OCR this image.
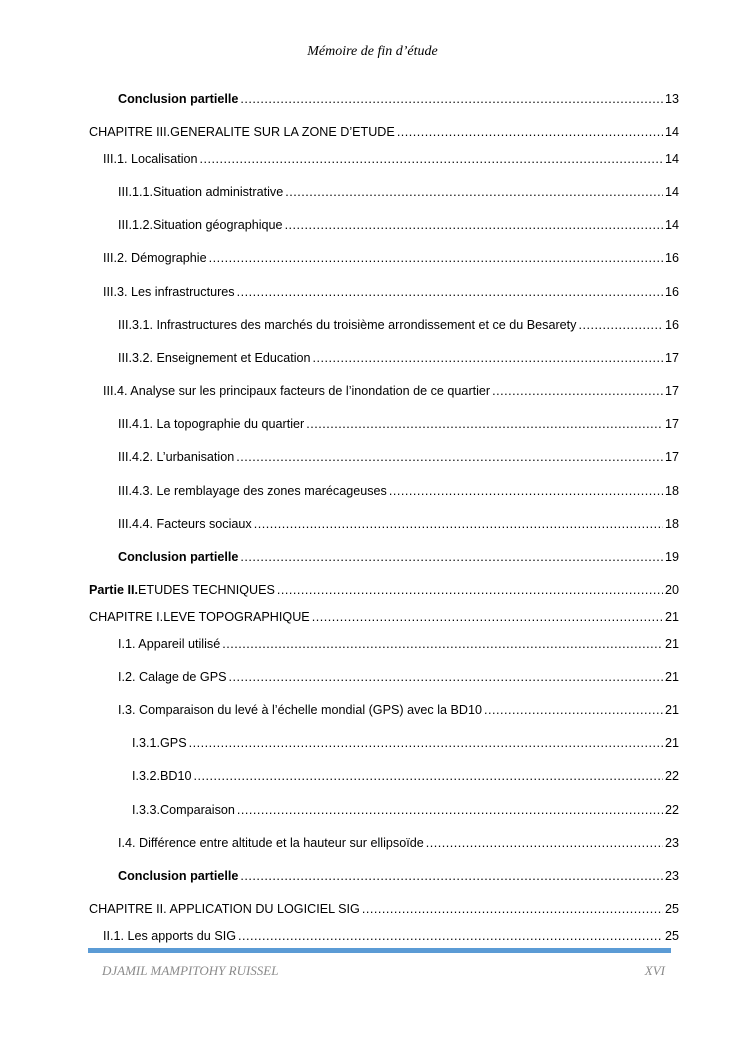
Mémoire de fin d’étude
Conclusion partielle .....	13
CHAPITRE III. GENERALITE SUR LA ZONE D’ETUDE .....	14
III.1. Localisation .....	14
III.1.1. Situation administrative .....	14
III.1.2. Situation géographique .....	14
III.2. Démographie .....	16
III.3. Les infrastructures .....	16
III.3.1. Infrastructures des marchés du troisième arrondissement et ce du Besarety .....	16
III.3.2. Enseignement et Education .....	17
III.4. Analyse sur les principaux facteurs de l’inondation de ce quartier .....	17
III.4.1. La topographie du quartier .....	17
III.4.2. L’urbanisation .....	17
III.4.3. Le remblayage des zones marécageuses .....	18
III.4.4. Facteurs sociaux .....	18
Conclusion partielle .....	19
Partie II. ETUDES TECHNIQUES .....	20
CHAPITRE I. LEVE TOPOGRAPHIQUE .....	21
I.1. Appareil utilisé .....	21
I.2. Calage de GPS .....	21
I.3. Comparaison du levé à l’échelle mondial (GPS) avec la BD10 .....	21
I.3.1. GPS .....	21
I.3.2. BD10 .....	22
I.3.3. Comparaison .....	22
I.4. Différence entre altitude et la hauteur sur ellipsoïde .....	23
Conclusion partielle .....	23
CHAPITRE II. APPLICATION DU LOGICIEL SIG .....	25
II.1. Les apports du SIG .....	25
DJAMIL MAMPITOHY RUISSEL	XVI
